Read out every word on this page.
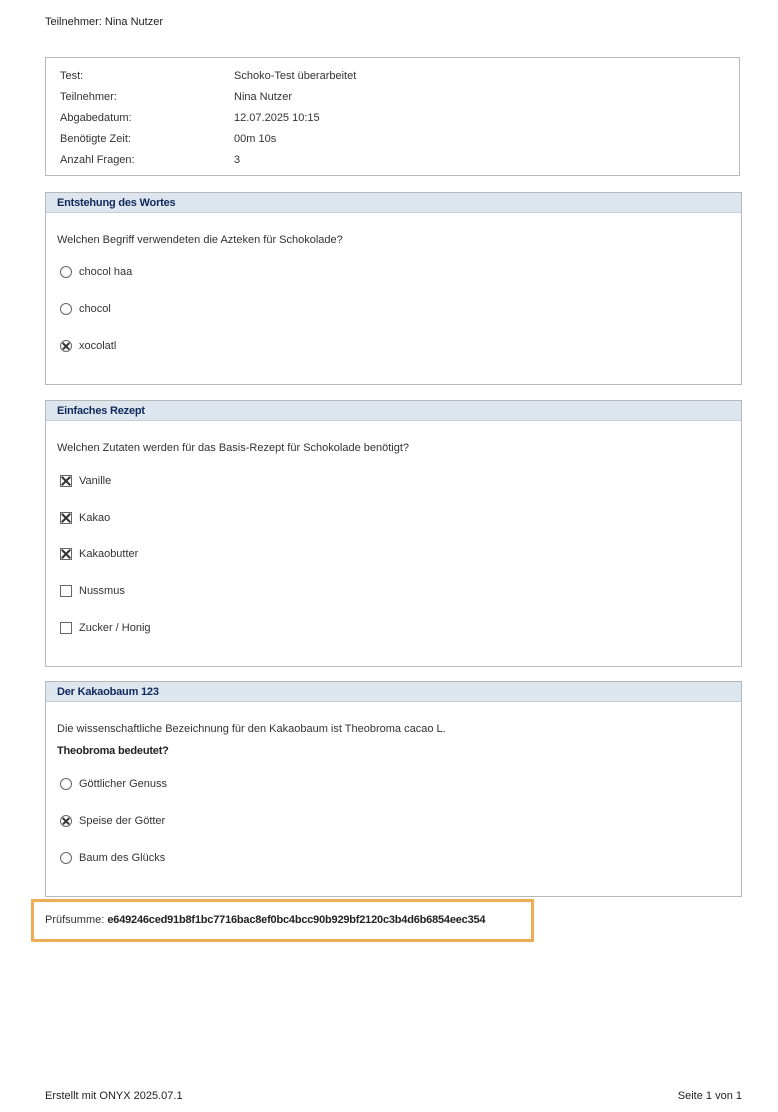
Teilnehmer: Nina Nutzer
Test:	Schoko-Test überarbeitet
Teilnehmer:	Nina Nutzer
Abgabedatum:	12.07.2025 10:15
Benötigte Zeit:	00m 10s
Anzahl Fragen:	3
Entstehung des Wortes
Welchen Begriff verwendeten die Azteken für Schokolade?
chocol haa
chocol
xocolatl
Einfaches Rezept
Welchen Zutaten werden für das Basis-Rezept für Schokolade benötigt?
Vanille
Kakao
Kakaobutter
Nussmus
Zucker / Honig
Der Kakaobaum 123
Die wissenschaftliche Bezeichnung für den Kakaobaum ist Theobroma cacao L.
Theobroma bedeutet?
Göttlicher Genuss
Speise der Götter
Baum des Glücks
Prüfsumme: e649246ced91b8f1bc7716bac8ef0bc4bcc90b929bf2120c3b4d6b6854eec354
Erstellt mit ONYX 2025.07.1	Seite 1 von 1
